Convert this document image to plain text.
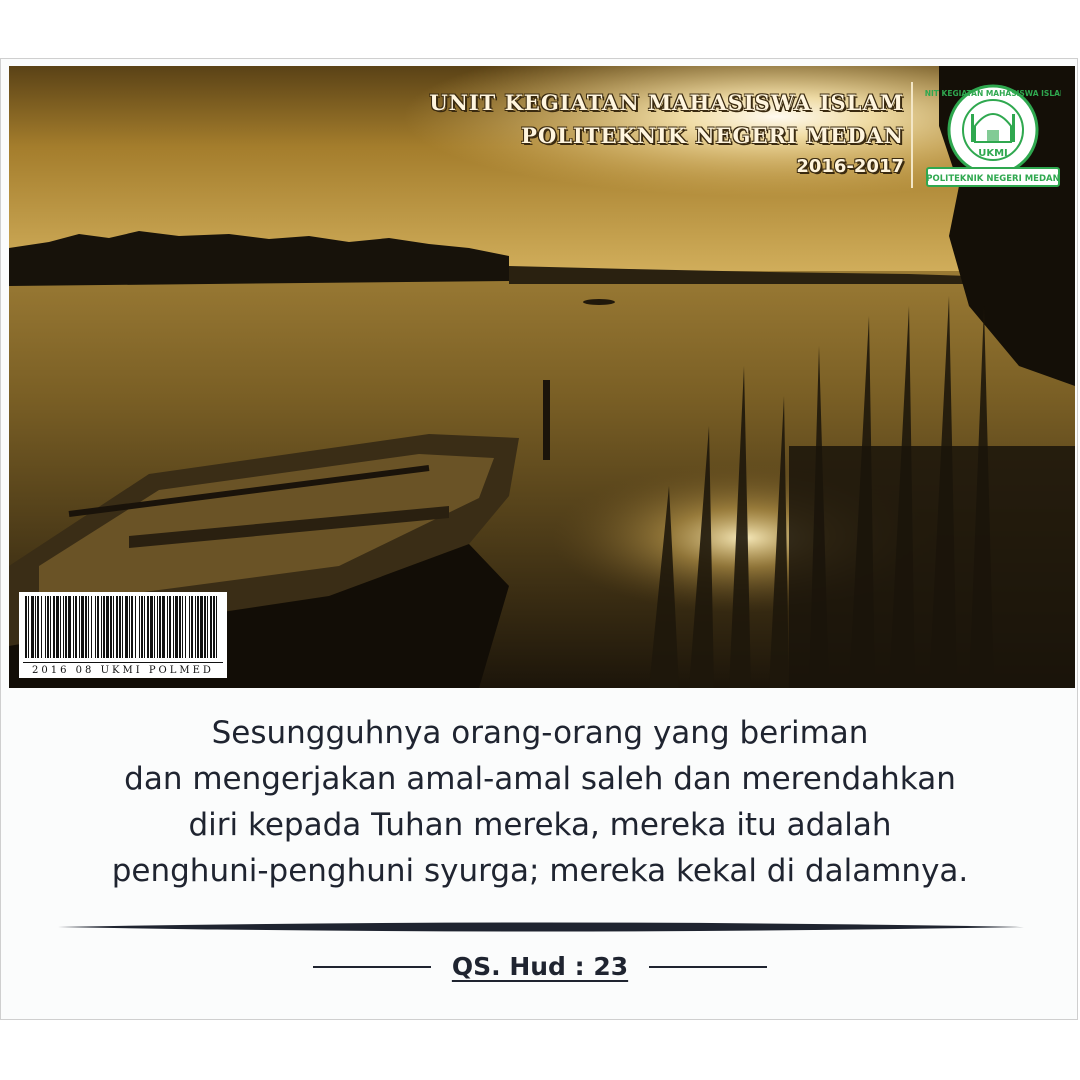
UNIT KEGIATAN MAHASISWA ISLAM
POLITEKNIK NEGERI MEDAN
2016-2017
UKMI
UNIT KEGIATAN MAHASISWA ISLAM
POLITEKNIK NEGERI MEDAN
2016 08 UKMI POLMED
Sesungguhnya orang-orang yang beriman
dan mengerjakan amal-amal saleh dan merendahkan
diri kepada Tuhan mereka, mereka itu adalah
penghuni-penghuni syurga; mereka kekal di dalamnya.
QS. Hud : 23
